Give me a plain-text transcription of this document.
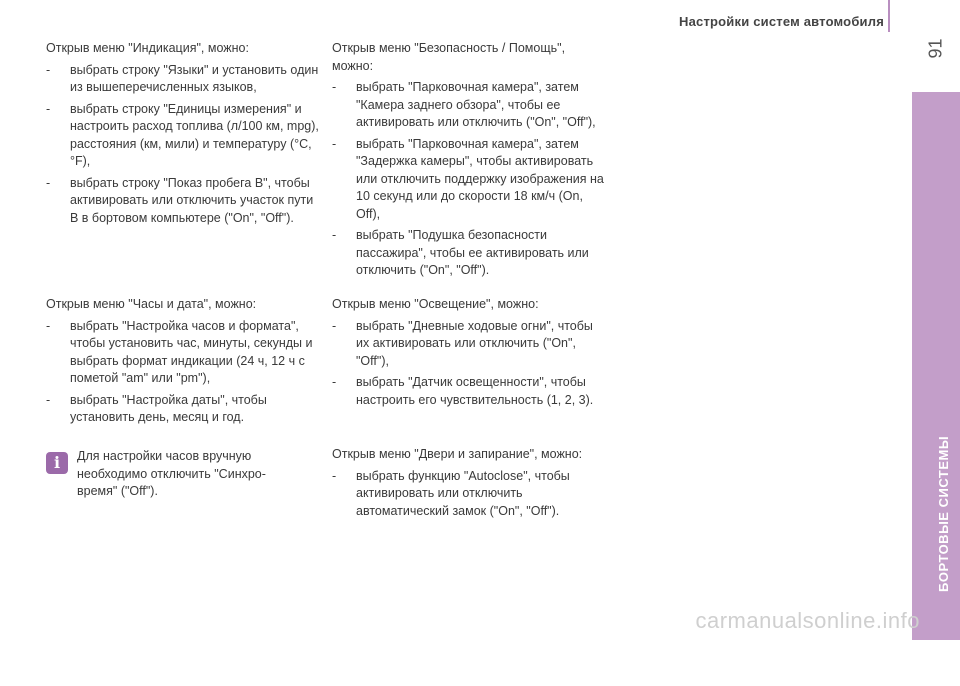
Настройки систем автомобиля
91
БОРТОВЫЕ СИСТЕМЫ
4

Открыв меню "Индикация", можно:

- выбрать строку "Языки" и установить один из вышеперечисленных языков,
- выбрать строку "Единицы измерения" и настроить расход топлива (л/100 км, mpg), расстояния (км, мили) и температуру (°C, °F),
- выбрать строку "Показ пробега B", чтобы активировать или отключить участок пути B в бортовом компьютере ("On", "Off").

Открыв меню "Часы и дата", можно:

- выбрать "Настройка часов и формата", чтобы установить час, минуты, секунды и выбрать формат индикации (24 ч, 12 ч с пометой "am" или "pm"),
- выбрать "Настройка даты", чтобы установить день, месяц и год.
i	Для настройки часов вручную необходимо отключить "Синхро-время" ("Off").

Открыв меню "Безопасность / Помощь", можно:

- выбрать "Парковочная камера", затем "Камера заднего обзора", чтобы ее активировать или отключить ("On", "Off"),
- выбрать "Парковочная камера", затем "Задержка камеры", чтобы активировать или отключить поддержку изображения на 10 секунд или до скорости 18 км/ч (On, Off),
- выбрать "Подушка безопасности пассажира", чтобы ее активировать или отключить ("On", "Off").

Открыв меню "Освещение", можно:

- выбрать "Дневные ходовые огни", чтобы их активировать или отключить ("On", "Off"),
- выбрать "Датчик освещенности", чтобы настроить его чувствительность (1, 2, 3).

Открыв меню "Двери и запирание", можно:

- выбрать функцию "Autoclose", чтобы активировать или отключить автоматический замок ("On", "Off").
carmanualsonline.info
